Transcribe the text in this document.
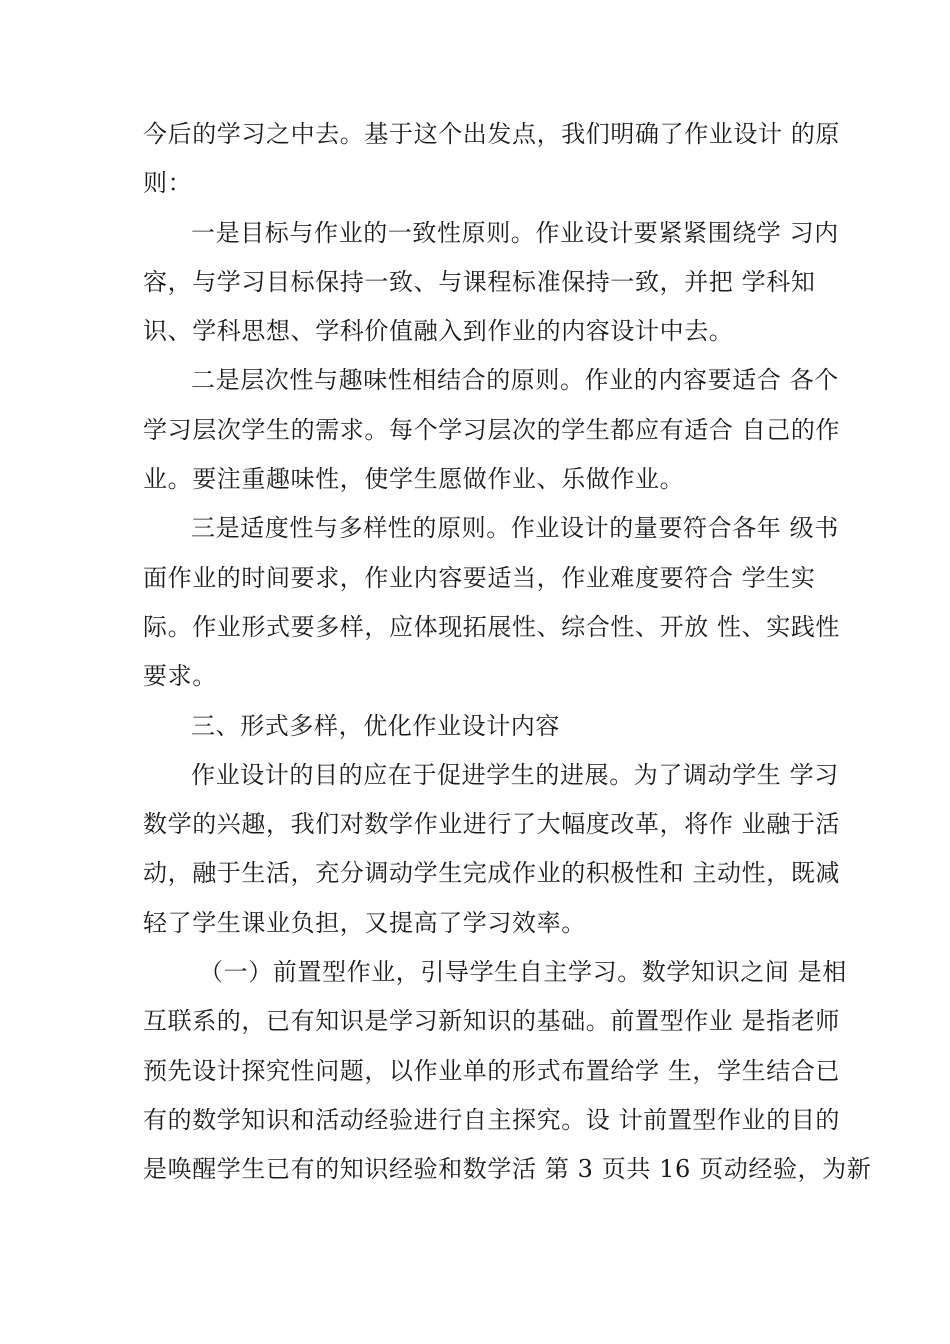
今后的学习之中去。基于这个出发点，我们明确了作业设计 的原
则：
一是目标与作业的一致性原则。作业设计要紧紧围绕学 习内
容，与学习目标保持一致、与课程标准保持一致，并把 学科知
识、学科思想、学科价值融入到作业的内容设计中去。
二是层次性与趣味性相结合的原则。作业的内容要适合 各个
学习层次学生的需求。每个学习层次的学生都应有适合 自己的作
业。要注重趣味性，使学生愿做作业、乐做作业。
三是适度性与多样性的原则。作业设计的量要符合各年 级书
面作业的时间要求，作业内容要适当，作业难度要符合 学生实
际。作业形式要多样，应体现拓展性、综合性、开放 性、实践性
要求。
三、形式多样，优化作业设计内容
作业设计的目的应在于促进学生的进展。为了调动学生 学习
数学的兴趣，我们对数学作业进行了大幅度改革，将作 业融于活
动，融于生活，充分调动学生完成作业的积极性和 主动性，既减
轻了学生课业负担，又提高了学习效率。
（一）前置型作业，引导学生自主学习。数学知识之间 是相
互联系的，已有知识是学习新知识的基础。前置型作业 是指老师
预先设计探究性问题，以作业单的形式布置给学 生，学生结合已
有的数学知识和活动经验进行自主探究。设 计前置型作业的目的
是唤醒学生已有的知识经验和数学活 第 3 页共 16 页动经验，为新
